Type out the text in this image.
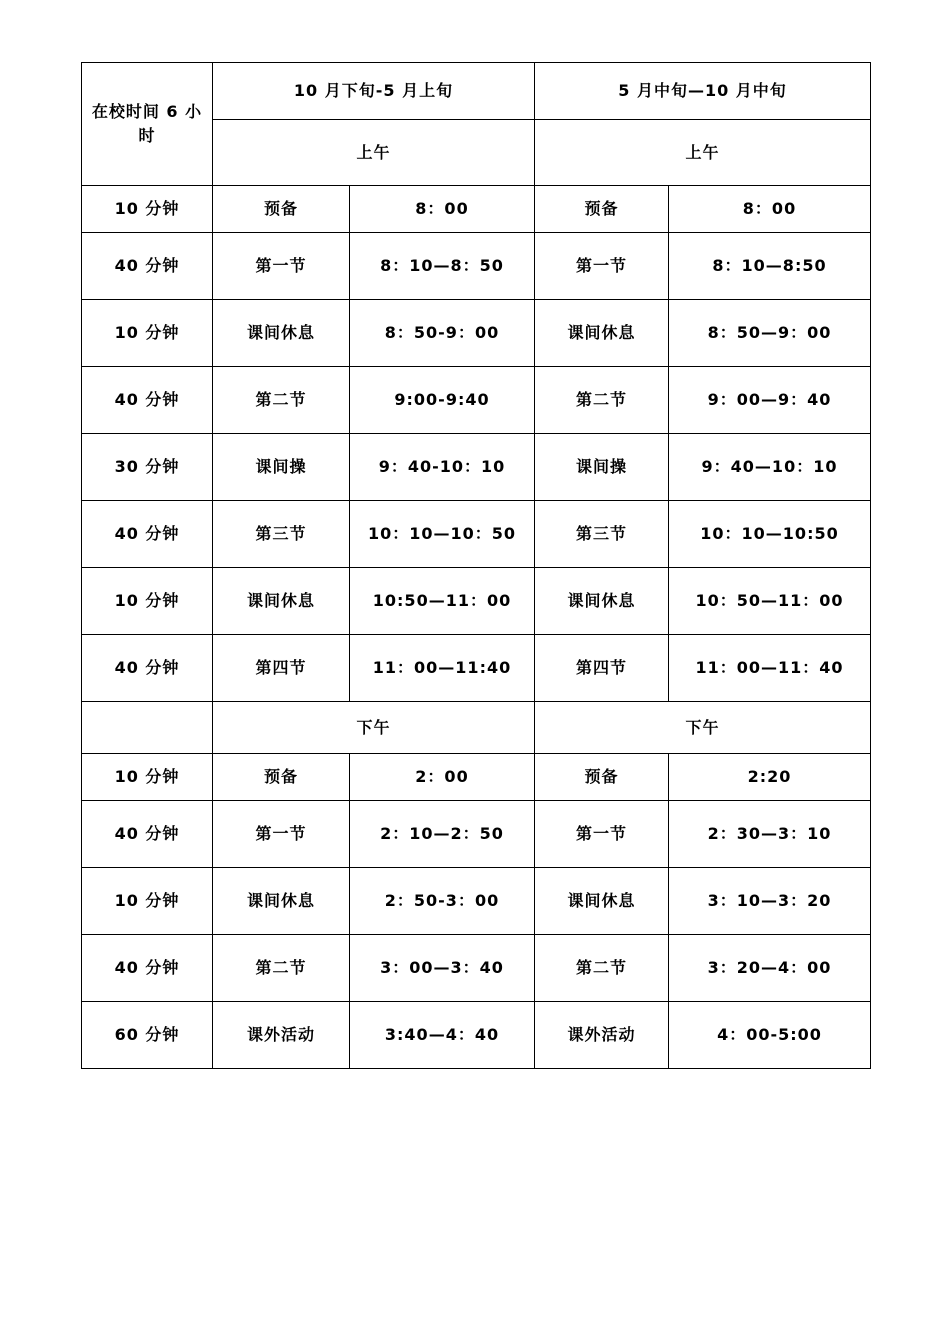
在校时间 6 小时	10 月下旬-5 月上旬		5 月中旬—10 月中旬	
	上午		上午	
10 分钟	预备	8：00	预备	8：00
40 分钟	第一节	8：10—8：50	第一节	8：10—8:50
10 分钟	课间休息	8：50-9：00	课间休息	8：50—9：00
40 分钟	第二节	9:00-9:40	第二节	9：00—9：40
30 分钟	课间操	9：40-10：10	课间操	9：40—10：10
40 分钟	第三节	10：10—10：50	第三节	10：10—10:50
10 分钟	课间休息	10:50—11：00	课间休息	10：50—11：00
40 分钟	第四节	11：00—11:40	第四节	11：00—11：40
	下午		下午	
10 分钟	预备	2：00	预备	2:20
40 分钟	第一节	2：10—2：50	第一节	2：30—3：10
10 分钟	课间休息	2：50-3：00	课间休息	3：10—3：20
40 分钟	第二节	3：00—3：40	第二节	3：20—4：00
60 分钟	课外活动	3:40—4：40	课外活动	4：00-5:00
